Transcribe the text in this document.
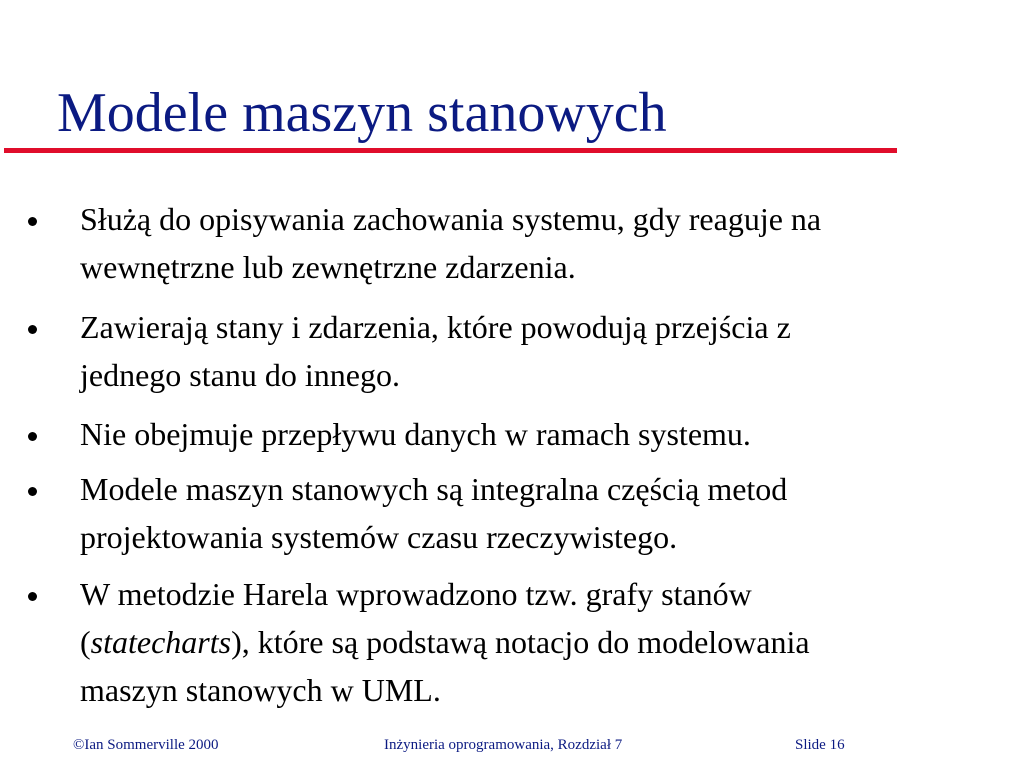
Modele maszyn stanowych
Służą do opisywania zachowania systemu, gdy reaguje na
wewnętrzne lub zewnętrzne zdarzenia.
Zawierają stany i zdarzenia, które powodują przejścia z
jednego stanu do innego.
Nie obejmuje przepływu danych w ramach systemu.
Modele maszyn stanowych są integralna częścią metod
projektowania systemów czasu rzeczywistego.
W metodzie Harela wprowadzono tzw. grafy stanów
(statecharts), które są podstawą notacjo do modelowania
maszyn stanowych w UML.
©Ian Sommerville 2000	Inżynieria oprogramowania, Rozdział 7	Slide 16
